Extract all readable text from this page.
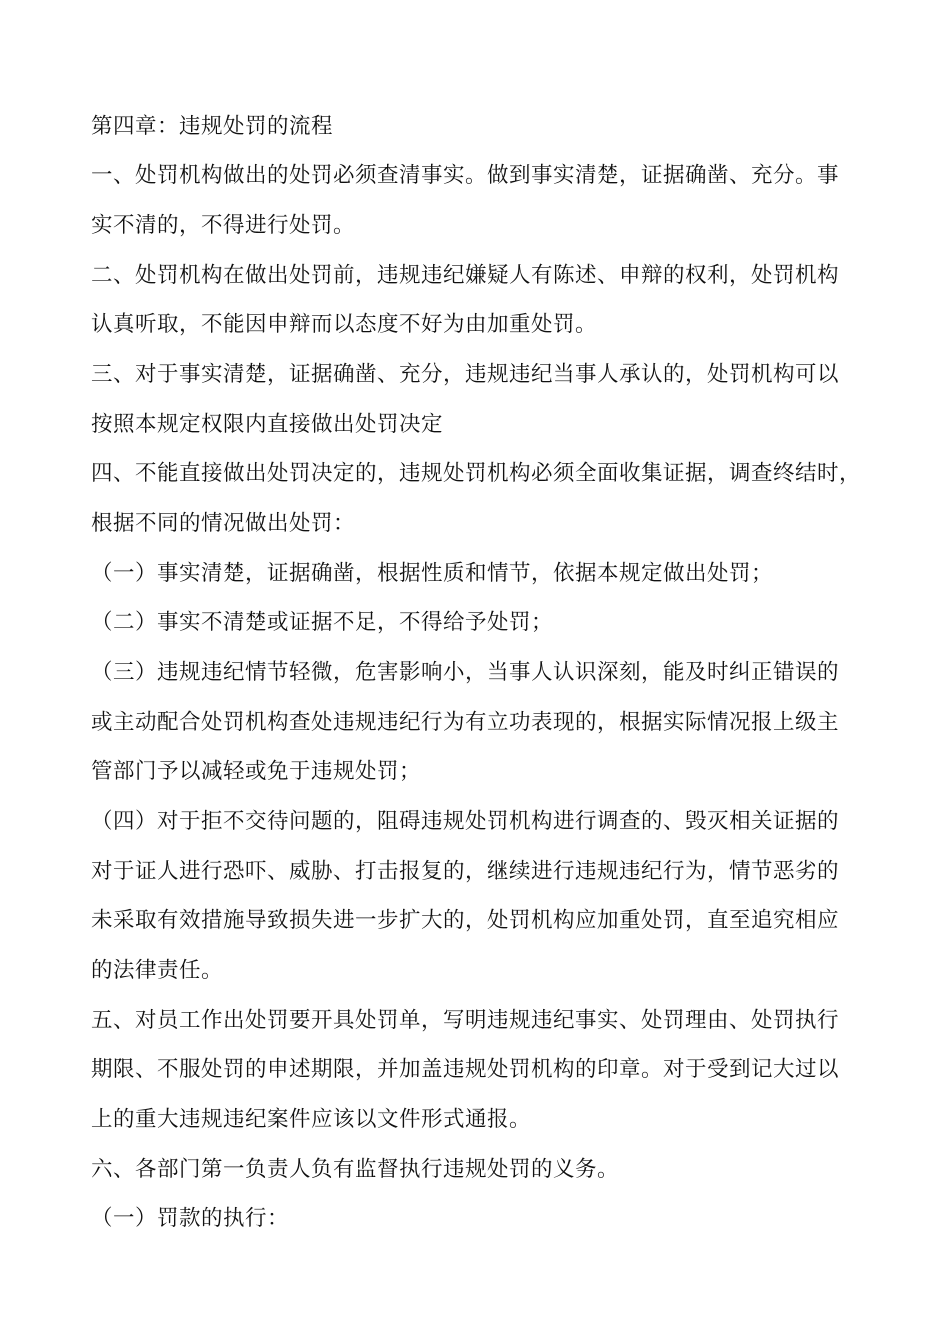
第四章：违规处罚的流程
一、处罚机构做出的处罚必须查清事实。做到事实清楚，证据确凿、充分。事
实不清的，不得进行处罚。
二、处罚机构在做出处罚前，违规违纪嫌疑人有陈述、申辩的权利，处罚机构
认真听取，不能因申辩而以态度不好为由加重处罚。
三、对于事实清楚，证据确凿、充分，违规违纪当事人承认的，处罚机构可以
按照本规定权限内直接做出处罚决定
四、不能直接做出处罚决定的，违规处罚机构必须全面收集证据，调查终结时，
根据不同的情况做出处罚：
（一）事实清楚，证据确凿，根据性质和情节，依据本规定做出处罚；
（二）事实不清楚或证据不足，不得给予处罚；
（三）违规违纪情节轻微，危害影响小，当事人认识深刻，能及时纠正错误的
或主动配合处罚机构查处违规违纪行为有立功表现的，根据实际情况报上级主
管部门予以减轻或免于违规处罚；
（四）对于拒不交待问题的，阻碍违规处罚机构进行调查的、毁灭相关证据的
对于证人进行恐吓、威胁、打击报复的，继续进行违规违纪行为，情节恶劣的
未采取有效措施导致损失进一步扩大的，处罚机构应加重处罚，直至追究相应
的法律责任。
五、对员工作出处罚要开具处罚单，写明违规违纪事实、处罚理由、处罚执行
期限、不服处罚的申述期限，并加盖违规处罚机构的印章。对于受到记大过以
上的重大违规违纪案件应该以文件形式通报。
六、各部门第一负责人负有监督执行违规处罚的义务。
（一）罚款的执行：
